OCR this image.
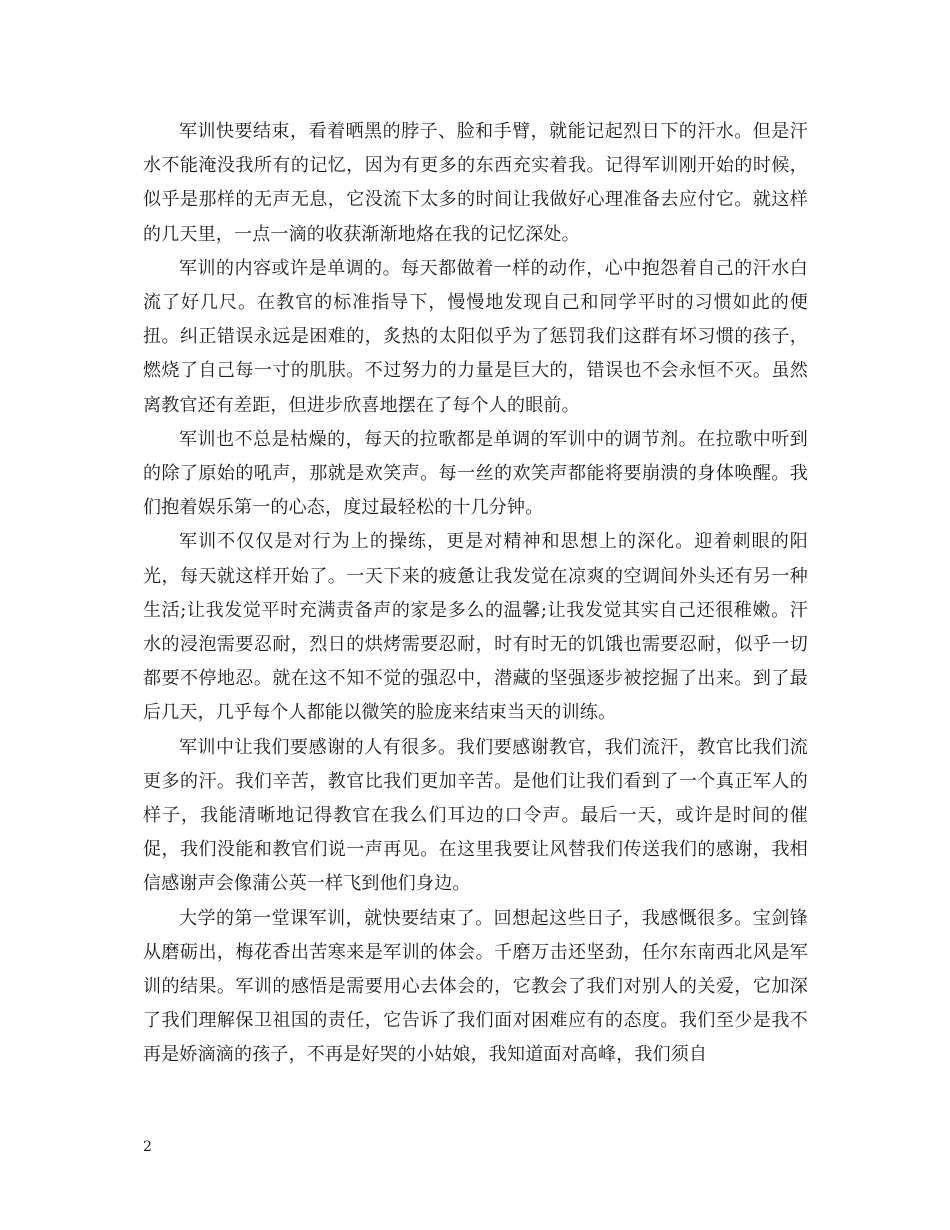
军训快要结束，看着晒黑的脖子、脸和手臂，就能记起烈日下的汗水。但是汗水不能淹没我所有的记忆，因为有更多的东西充实着我。记得军训刚开始的时候，似乎是那样的无声无息，它没流下太多的时间让我做好心理准备去应付它。就这样的几天里，一点一滴的收获渐渐地烙在我的记忆深处。

军训的内容或许是单调的。每天都做着一样的动作，心中抱怨着自己的汗水白流了好几尺。在教官的标准指导下，慢慢地发现自己和同学平时的习惯如此的便扭。纠正错误永远是困难的，炙热的太阳似乎为了惩罚我们这群有坏习惯的孩子，燃烧了自己每一寸的肌肤。不过努力的力量是巨大的，错误也不会永恒不灭。虽然离教官还有差距，但进步欣喜地摆在了每个人的眼前。

军训也不总是枯燥的，每天的拉歌都是单调的军训中的调节剂。在拉歌中听到的除了原始的吼声，那就是欢笑声。每一丝的欢笑声都能将要崩溃的身体唤醒。我们抱着娱乐第一的心态，度过最轻松的十几分钟。

军训不仅仅是对行为上的操练，更是对精神和思想上的深化。迎着刺眼的阳光，每天就这样开始了。一天下来的疲惫让我发觉在凉爽的空调间外头还有另一种生活;让我发觉平时充满责备声的家是多么的温馨;让我发觉其实自己还很稚嫩。汗水的浸泡需要忍耐，烈日的烘烤需要忍耐，时有时无的饥饿也需要忍耐，似乎一切都要不停地忍。就在这不知不觉的强忍中，潜藏的坚强逐步被挖掘了出来。到了最后几天，几乎每个人都能以微笑的脸庞来结束当天的训练。

军训中让我们要感谢的人有很多。我们要感谢教官，我们流汗，教官比我们流更多的汗。我们辛苦，教官比我们更加辛苦。是他们让我们看到了一个真正军人的样子，我能清晰地记得教官在我么们耳边的口令声。最后一天，或许是时间的催促，我们没能和教官们说一声再见。在这里我要让风替我们传送我们的感谢，我相信感谢声会像蒲公英一样飞到他们身边。

大学的第一堂课军训，就快要结束了。回想起这些日子，我感慨很多。宝剑锋从磨砺出，梅花香出苦寒来是军训的体会。千磨万击还坚劲，任尔东南西北风是军训的结果。军训的感悟是需要用心去体会的，它教会了我们对别人的关爱，它加深了我们理解保卫祖国的责任，它告诉了我们面对困难应有的态度。我们至少是我不再是娇滴滴的孩子，不再是好哭的小姑娘，我知道面对高峰，我们须自

2
